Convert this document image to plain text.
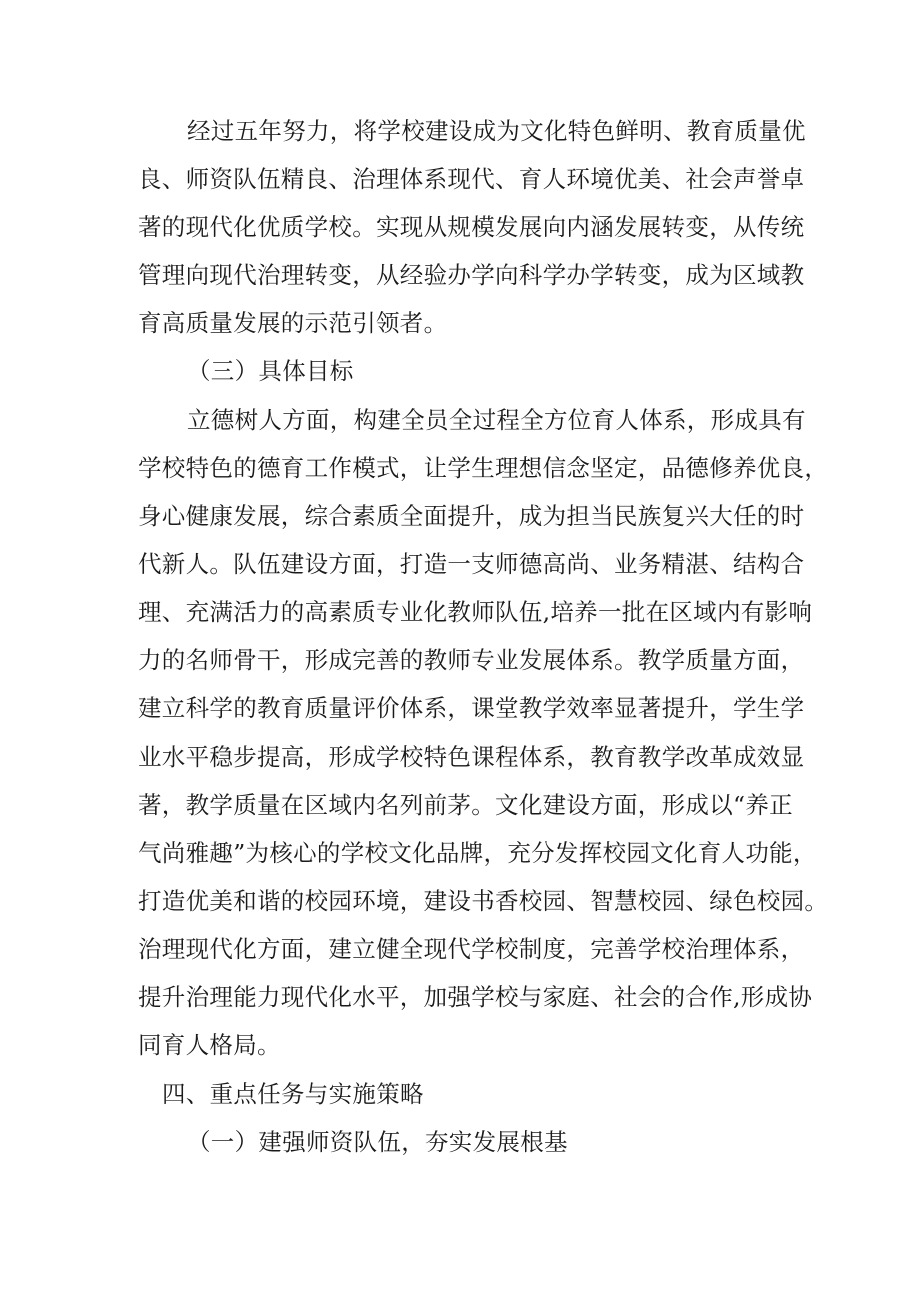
经过五年努力，将学校建设成为文化特色鲜明、教育质量优
良、师资队伍精良、治理体系现代、育人环境优美、社会声誉卓
著的现代化优质学校。实现从规模发展向内涵发展转变，从传统
管理向现代治理转变，从经验办学向科学办学转变，成为区域教
育高质量发展的示范引领者。
（三）具体目标
立德树人方面，构建全员全过程全方位育人体系，形成具有
学校特色的德育工作模式，让学生理想信念坚定，品德修养优良，
身心健康发展，综合素质全面提升，成为担当民族复兴大任的时
代新人。队伍建设方面，打造一支师德高尚、业务精湛、结构合
理、充满活力的高素质专业化教师队伍,培养一批在区域内有影响
力的名师骨干，形成完善的教师专业发展体系。教学质量方面，
建立科学的教育质量评价体系，课堂教学效率显著提升，学生学
业水平稳步提高，形成学校特色课程体系，教育教学改革成效显
著，教学质量在区域内名列前茅。文化建设方面，形成以“养正
气尚雅趣”为核心的学校文化品牌，充分发挥校园文化育人功能，
打造优美和谐的校园环境，建设书香校园、智慧校园、绿色校园。
治理现代化方面，建立健全现代学校制度，完善学校治理体系，
提升治理能力现代化水平，加强学校与家庭、社会的合作,形成协
同育人格局。
四、重点任务与实施策略
（一）建强师资队伍，夯实发展根基
